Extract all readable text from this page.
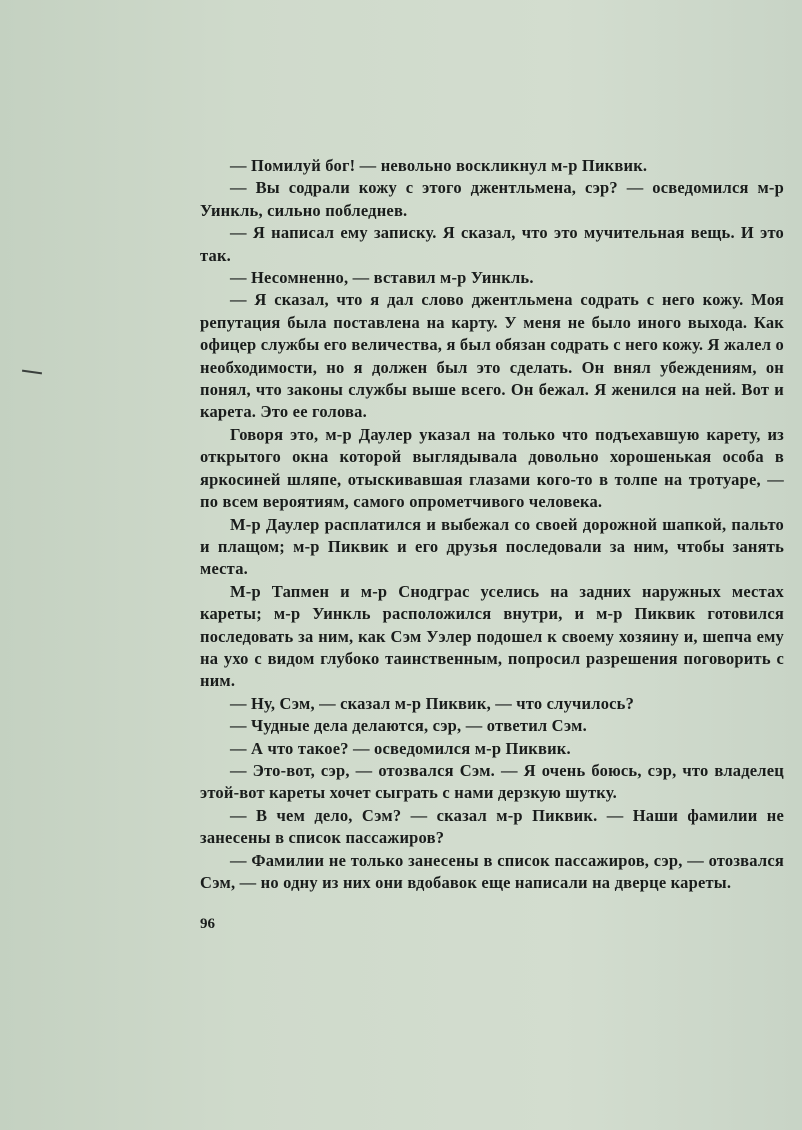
— Помилуй бог! — невольно воскликнул м-р Пиквик.

— Вы содрали кожу с этого джентльмена, сэр? — осведомился м-р Уинкль, сильно побледнев.

— Я написал ему записку. Я сказал, что это мучительная вещь. И это так.

— Несомненно, — вставил м-р Уинкль.

— Я сказал, что я дал слово джентльмена содрать с него кожу. Моя репутация была поставлена на карту. У меня не было иного выхода. Как офицер службы его величества, я был обязан содрать с него кожу. Я жалел о необходимости, но я должен был это сделать. Он внял убеждениям, он понял, что законы службы выше всего. Он бежал. Я женился на ней. Вот и карета. Это ее голова.

Говоря это, м-р Даулер указал на только что подъехавшую карету, из открытого окна которой выглядывала довольно хорошенькая особа в яркосиней шляпе, отыскивавшая глазами кого-то в толпе на тротуаре, — по всем вероятиям, самого опрометчивого человека.

М-р Даулер расплатился и выбежал со своей дорожной шапкой, пальто и плащом; м-р Пиквик и его друзья последовали за ним, чтобы занять места.

М-р Тапмен и м-р Снодграс уселись на задних наружных местах кареты; м-р Уинкль расположился внутри, и м-р Пиквик готовился последовать за ним, как Сэм Уэлер подошел к своему хозяину и, шепча ему на ухо с видом глубоко таинственным, попросил разрешения поговорить с ним.

— Ну, Сэм, — сказал м-р Пиквик, — что случилось?

— Чудные дела делаются, сэр, — ответил Сэм.

— А что такое? — осведомился м-р Пиквик.

— Это-вот, сэр, — отозвался Сэм. — Я очень боюсь, сэр, что владелец этой-вот кареты хочет сыграть с нами дерзкую шутку.

— В чем дело, Сэм? — сказал м-р Пиквик. — Наши фамилии не занесены в список пассажиров?

— Фамилии не только занесены в список пассажиров, сэр, — отозвался Сэм, — но одну из них они вдобавок еще написали на дверце кареты.

96
